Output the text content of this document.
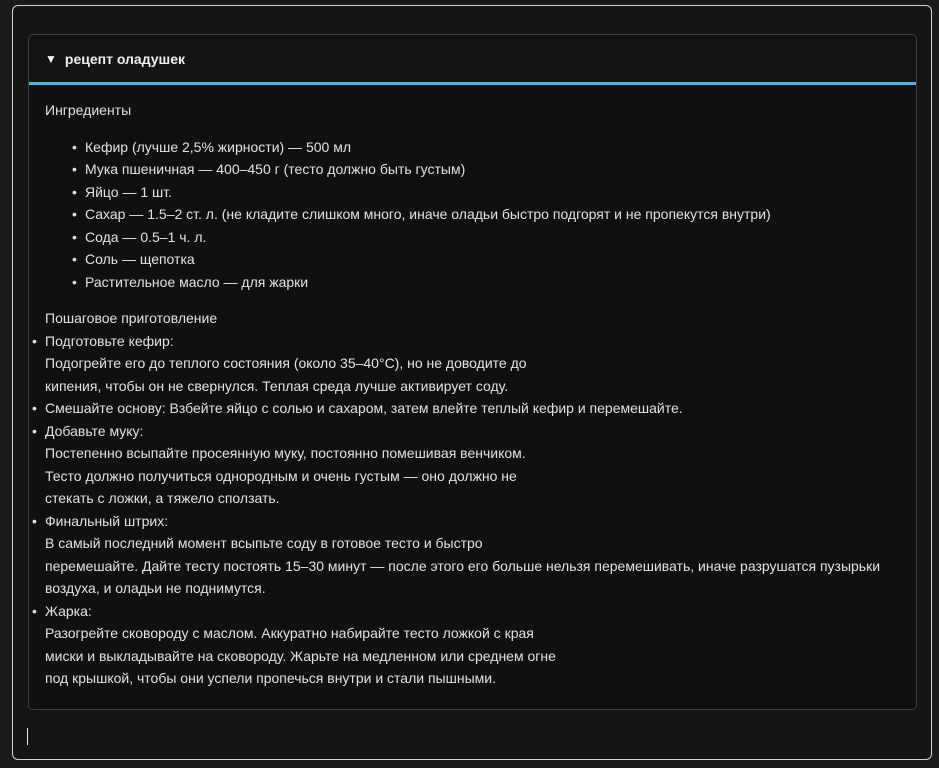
▼ рецепт оладушек
Ингредиенты
• Кефир (лучше 2,5% жирности) — 500 мл
• Мука пшеничная — 400–450 г (тесто должно быть густым)
• Яйцо — 1 шт.
• Сахар — 1.5–2 ст. л. (не кладите слишком много, иначе оладьи быстро подгорят и не пропекутся внутри)
• Сода — 0.5–1 ч. л.
• Соль — щепотка
• Растительное масло — для жарки
Пошаговое приготовление
• Подготовьте кефир:
Подогрейте его до теплого состояния (около 35–40°C), но не доводите до
кипения, чтобы он не свернулся. Теплая среда лучше активирует соду.
• Смешайте основу: Взбейте яйцо с солью и сахаром, затем влейте теплый кефир и перемешайте.
• Добавьте муку:
Постепенно всыпайте просеянную муку, постоянно помешивая венчиком.
Тесто должно получиться однородным и очень густым — оно должно не
стекать с ложки, а тяжело сползать.
• Финальный штрих:
В самый последний момент всыпьте соду в готовое тесто и быстро
перемешайте. Дайте тесту постоять 15–30 минут — после этого его больше нельзя перемешивать, иначе разрушатся пузырьки
воздуха, и оладьи не поднимутся.
• Жарка:
Разогрейте сковороду с маслом. Аккуратно набирайте тесто ложкой с края
миски и выкладывайте на сковороду. Жарьте на медленном или среднем огне
под крышкой, чтобы они успели пропечься внутри и стали пышными.
